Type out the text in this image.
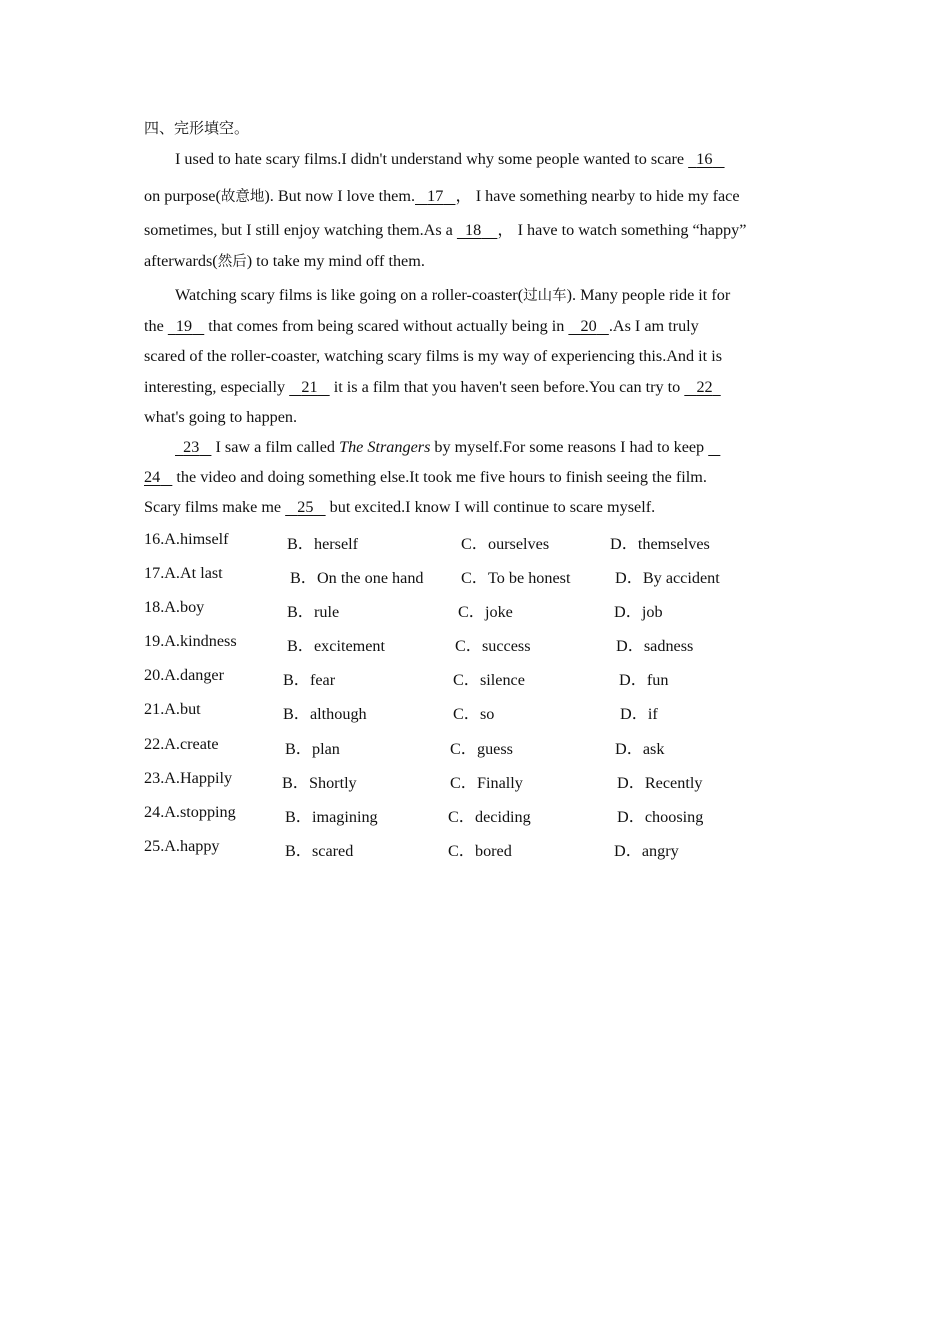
四、完形填空。
I used to hate scary films.I didn't understand why some people wanted to scare   16
on purpose(故意地). But now I love them. 17 ， I have something nearby to hide my face
sometimes, but I still enjoy watching them.As a   18 ， I have to watch something “happy”
afterwards(然后) to take my mind off them.
Watching scary films is like going on a roller-coaster(过山车). Many people ride it for
the   19    that comes from being scared without actually being in    20 .As I am truly
scared of the roller-coaster, watching scary films is my way of experiencing this.And it is
interesting, especially    21    it is a film that you haven't seen before.You can try to    22
what's going to happen.
23    I saw a film called The Strangers by myself.For some reasons I had to keep
24    the video and doing something else.It took me five hours to finish seeing the film.
Scary films make me    25    but excited.I know I will continue to scare myself.
16.A.himself	B．herself	C．ourselves	D．themselves
17.A.At last	B．On the one hand C．To be honest	D．By accident
18.A.boy	B．rule	C．joke	D．job
19.A.kindness	B．excitement	C．success	D．sadness
20.A.danger	B．fear	C．silence	D．fun
21.A.but	B．although	C．so	D．if
22.A.create	B．plan	C．guess	D．ask
23.A.Happily	B．Shortly	C．Finally	D．Recently
24.A.stopping	B．imagining	C．deciding	D．choosing
25.A.happy	B．scared	C．bored	D．angry
